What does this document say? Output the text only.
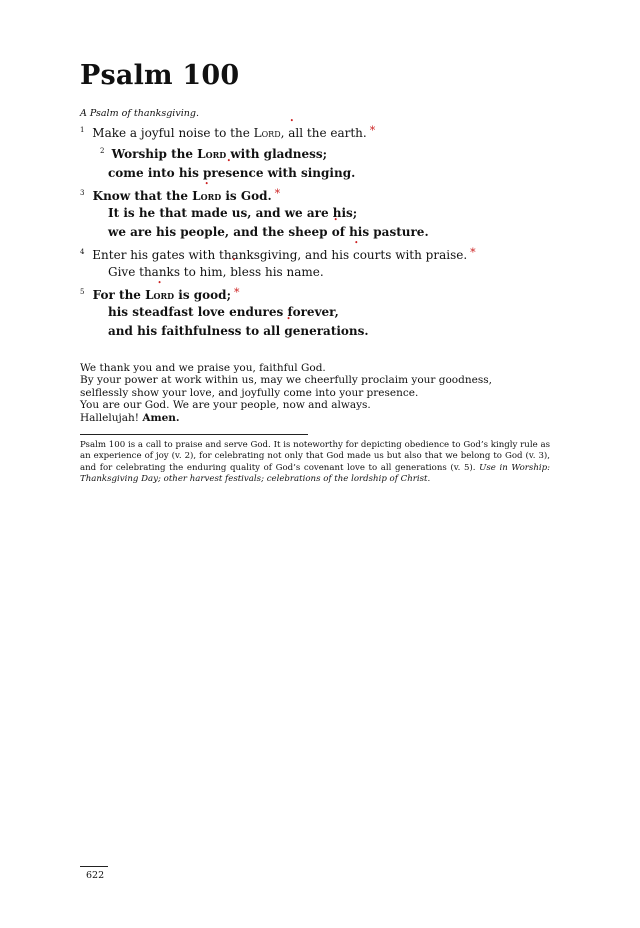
Psalm 100
A Psalm of thanksgiving.
1 Make a joyful noise to the Lord, • all the earth. *
2 Worship the Lord with gladness;
come into his pre• sence with singing.
3 Know that the • Lord is God. *
It is he that made us, and we are his;
we are his people, and the sheep • of his pasture.
4 Enter his gates with thanksgiving, and his • courts with praise. *
Give thanks to him, • bless his name.
5 For the • Lord is good; *
his steadfast love endures forever,
and his faithfulness to all • generations.
We thank you and we praise you, faithful God.
By your power at work within us, may we cheerfully proclaim your goodness,
selflessly show your love, and joyfully come into your presence.
You are our God. We are your people, now and always.
Hallelujah! Amen.
Psalm 100 is a call to praise and serve God. It is noteworthy for depicting obedience to God’s kingly rule as an experience of joy (v. 2), for celebrating not only that God made us but also that we belong to God (v. 3), and for celebrating the enduring quality of God’s covenant love to all generations (v. 5). Use in Worship: Thanksgiving Day; other harvest festivals; celebrations of the lordship of Christ.
622
